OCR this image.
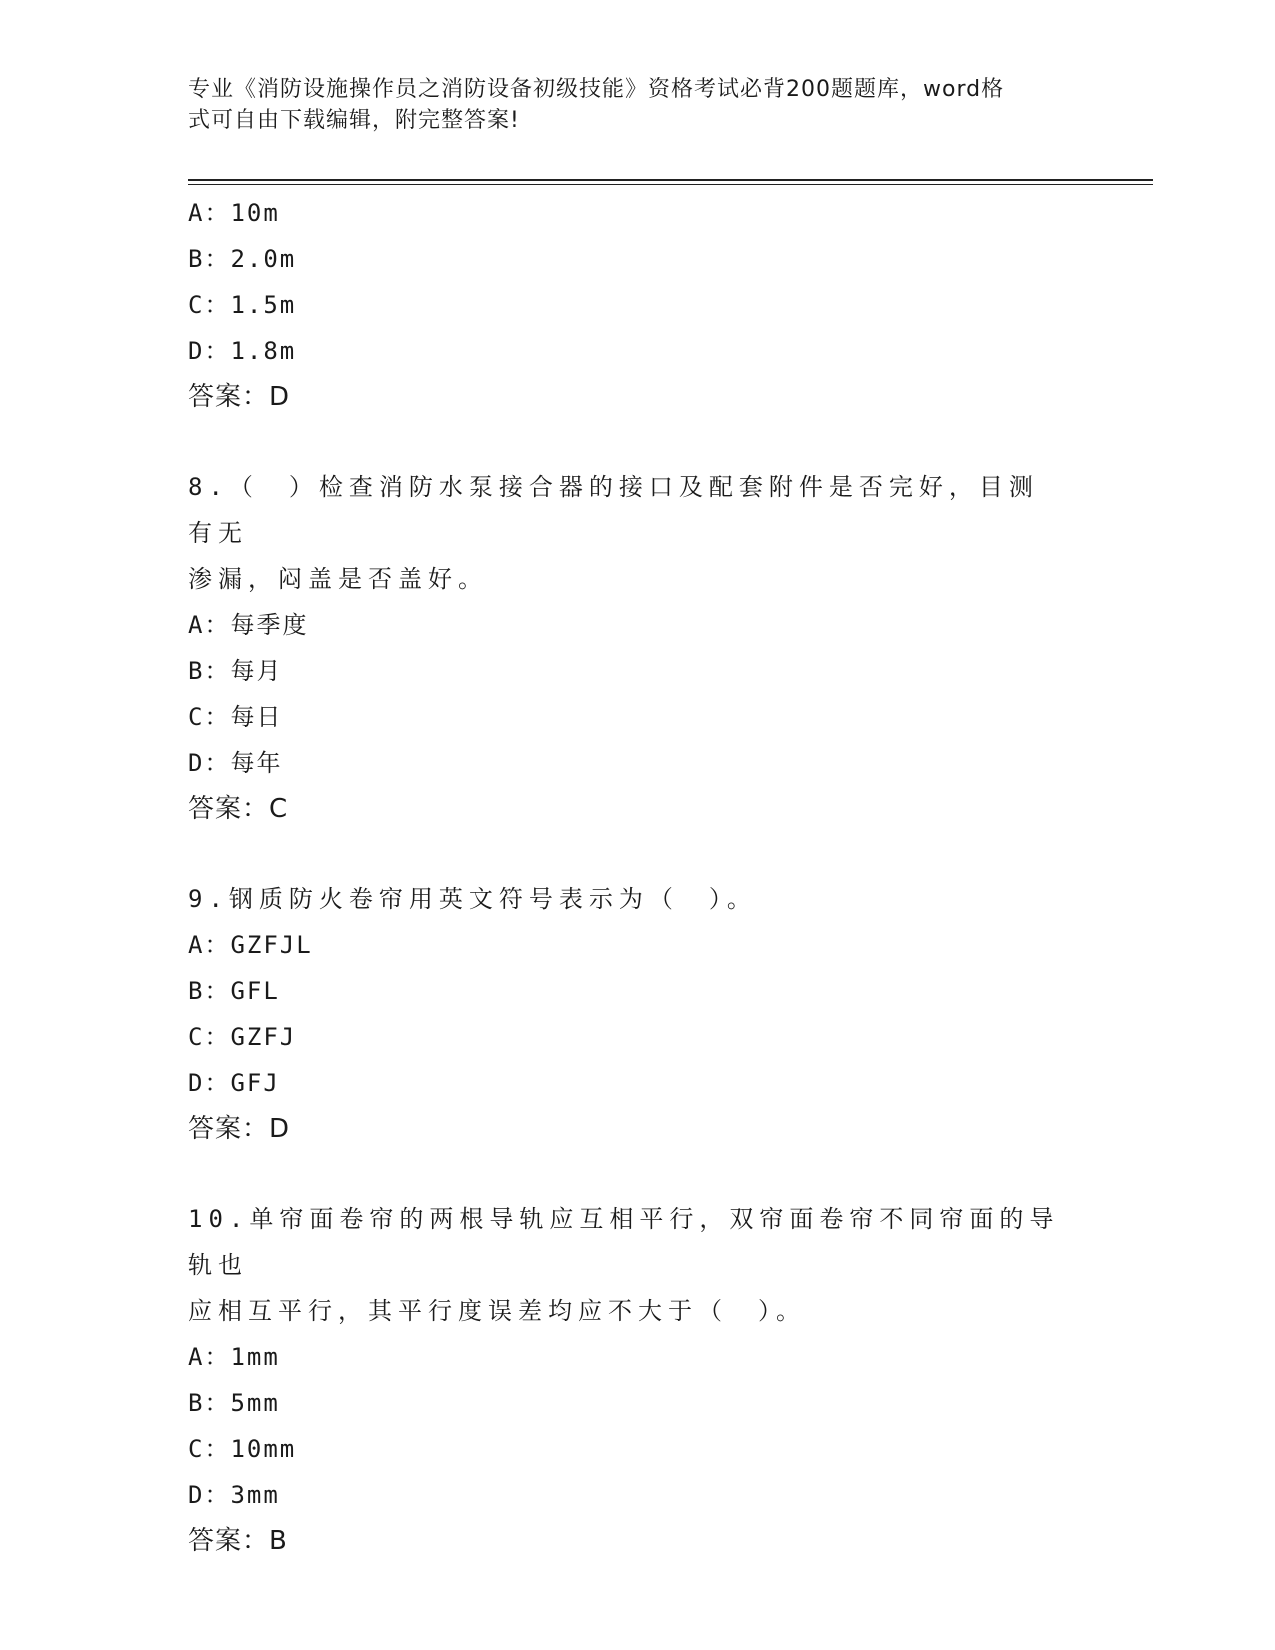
专业《消防设施操作员之消防设备初级技能》资格考试必背200题题库，word格
式可自由下载编辑，附完整答案!
A：10m
B：2.0m
C：1.5m
D：1.8m
答案：D
8.（　）检查消防水泵接合器的接口及配套附件是否完好，目测有无
渗漏，闷盖是否盖好。
A：每季度
B：每月
C：每日
D：每年
答案：C
9.钢质防火卷帘用英文符号表示为（　）。
A：GZFJL
B：GFL
C：GZFJ
D：GFJ
答案：D
10.单帘面卷帘的两根导轨应互相平行，双帘面卷帘不同帘面的导轨也
应相互平行，其平行度误差均应不大于（　）。
A：1mm
B：5mm
C：10mm
D：3mm
答案：B
